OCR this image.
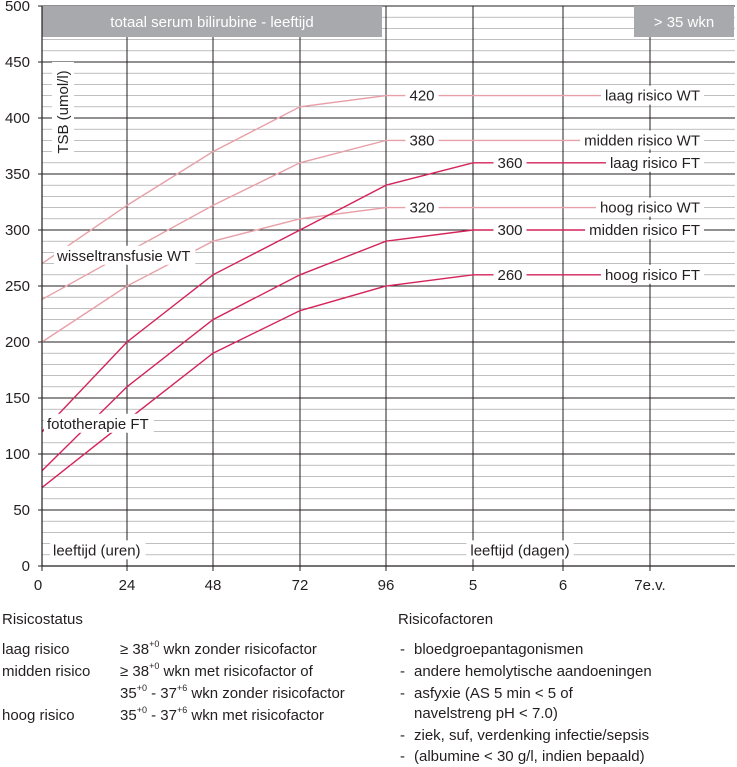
totaal serum bilirubine - leeftijd	> 35 wkn
TSB (umol/l)	420	laag risico WT
380	midden risico WT
320	hoog risico WT
360	laag risico FT
300	midden risico FT
260	hoog risico FT
wisseltransfusie WT
fototherapie FT
leeftijd (uren)	leeftijd (dagen)
0
50
100
150
200
250
300
350
400
450
500
0	24	48	72	96	5	6	7e.v.
Risicostatus
laag risico	≥ $38^{+0}$ wkn zonder risicofactor
midden risico ≥ $38^{+0}$ wkn met risicofactor of
$35^{+0} - 37^{+6}$ wkn zonder risicofactor
hoog risico	$35^{+0} - 37^{+6}$ wkn met risicofactor
Risicofactoren
- bloedgroepantagonismen
- andere hemolytische aandoeningen
- asfyxie (AS 5 min < 5 of
navelstreng pH < 7.0)
- ziek, suf, verdenking infectie/sepsis
- (albumine < 30 g/l, indien bepaald)
